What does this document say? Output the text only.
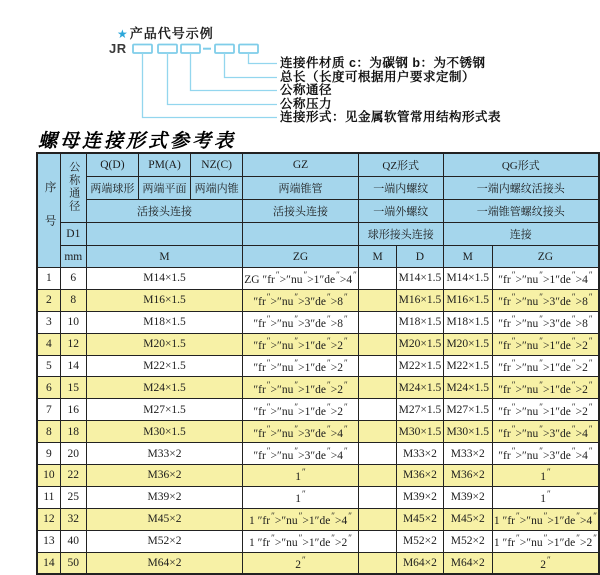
★ 产品代号示例
JR
连接件材质 c：为碳钢 b：为不锈钢
总长（长度可根据用户要求定制）
公称通径
公称压力
连接形式：见金属软管常用结构形式表
螺母连接形式参考表
序号	公称通径	Q(D)	PM(A)	NZ(C)	GZ	QZ形式		QG形式	
		两端球形	两端平面	两端内锥	两端锥管	一端内螺纹		一端内螺纹活接头	
		活接头连接			活接头连接	一端外螺纹		一端锥管螺纹接头	
	D1					球形接头连接		连接	
	mm	M			ZG	M	D	M	ZG
1	6	M14×1.5			ZG ″fr″>″nu″>1″de″>4″		M14×1.5	M14×1.5	″fr″>″nu″>1″de″>4″
2	8	M16×1.5			″fr″>″nu″>3″de″>8″		M16×1.5	M16×1.5	″fr″>″nu″>3″de″>8″
3	10	M18×1.5			″fr″>″nu″>3″de″>8″		M18×1.5	M18×1.5	″fr″>″nu″>3″de″>8″
4	12	M20×1.5			″fr″>″nu″>1″de″>2″		M20×1.5	M20×1.5	″fr″>″nu″>1″de″>2″
5	14	M22×1.5			″fr″>″nu″>1″de″>2″		M22×1.5	M22×1.5	″fr″>″nu″>1″de″>2″
6	15	M24×1.5			″fr″>″nu″>1″de″>2″		M24×1.5	M24×1.5	″fr″>″nu″>1″de″>2″
7	16	M27×1.5			″fr″>″nu″>1″de″>2″		M27×1.5	M27×1.5	″fr″>″nu″>1″de″>2″
8	18	M30×1.5			″fr″>″nu″>3″de″>4″		M30×1.5	M30×1.5	″fr″>″nu″>3″de″>4″
9	20	M33×2			″fr″>″nu″>3″de″>4″		M33×2	M33×2	″fr″>″nu″>3″de″>4″
10	22	M36×2			1″		M36×2	M36×2	1″
11	25	M39×2			1″		M39×2	M39×2	1″
12	32	M45×2			1 ″fr″>″nu″>1″de″>4″		M45×2	M45×2	1 ″fr″>″nu″>1″de″>4″
13	40	M52×2			1 ″fr″>″nu″>1″de″>2″		M52×2	M52×2	1 ″fr″>″nu″>1″de″>2″
14	50	M64×2			2″		M64×2	M64×2	2″
